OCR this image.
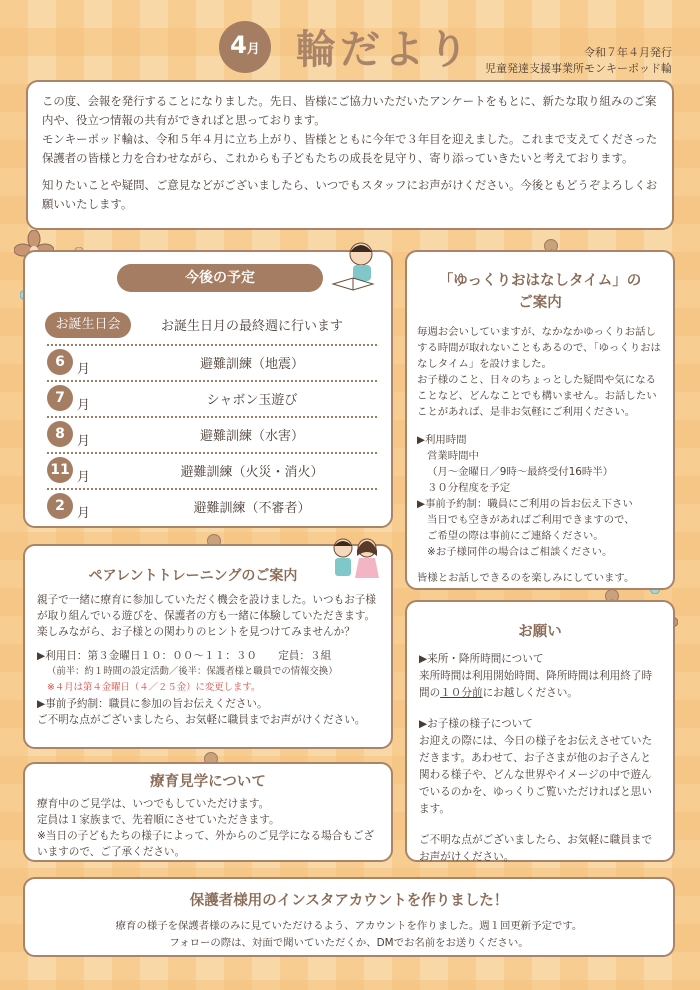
4 月 輪だより	令和７年４月発行
児童発達支援事業所モンキーポッド輪

この度、会報を発行することになりました。先日、皆様にご協力いただいたアンケートをもとに、新たな取り組みのご案内や、役立つ情報の共有ができればと思っております。

モンキーポッド輪は、令和５年４月に立ち上がり、皆様とともに今年で３年目を迎えました。これまで支えてくださった保護者の皆様と力を合わせながら、これからも子どもたちの成長を見守り、寄り添っていきたいと考えております。

知りたいことや疑問、ご意見などがございましたら、いつでもスタッフにお声がけください。今後ともどうぞよろしくお願いいたします。

今後の予定
お誕生日会	お誕生日月の最終週に行います
6 月	避難訓練（地震）
7 月	シャボン玉遊び
8 月	避難訓練（水害）
11 月	避難訓練（火災・消火）
2 月	避難訓練（不審者）
「ゆっくりおはなしタイム」の
ご案内

毎週お会いしていますが、なかなかゆっくりお話しする時間が取れないこともあるので、「ゆっくりおはなしタイム」を設けました。

お子様のこと、日々のちょっとした疑問や気になることなど、どんなことでも構いません。お話したいことがあれば、是非お気軽にご利用ください。

▶利用時間

営業時間中

（月〜金曜日／9時〜最終受付16時半）

３０分程度を予定

▶事前予約制：職員にご利用の旨お伝え下さい

当日でも空きがあればご利用できますので、

ご希望の際は事前にご連絡ください。

※お子様同伴の場合はご相談ください。

皆様とお話しできるのを楽しみにしています。

ペアレントトレーニングのご案内

親子で一緒に療育に参加していただく機会を設けました。いつもお子様が取り組んでいる遊びを、保護者の方も一緒に体験していただきます。楽しみながら、お子様との関わりのヒントを見つけてみませんか？

▶利用日：第３金曜日１０：００〜１１：３０　　定員：３組

（前半：約１時間の設定活動／後半：保護者様と職員での情報交換）

※４月は第４金曜日（４／２５金）に変更します。

▶事前予約制：職員に参加の旨お伝えください。

ご不明な点がございましたら、お気軽に職員までお声がけください。

療育見学について

療育中のご見学は、いつでもしていただけます。

定員は１家族まで、先着順にさせていただきます。

※当日の子どもたちの様子によって、外からのご見学になる場合もございますので、ご了承ください。

お願い

▶来所・降所時間について

来所時間は利用開始時間、降所時間は利用終了時間の１０分前にお越しください。

▶お子様の様子について

お迎えの際には、今日の様子をお伝えさせていただきます。あわせて、お子さまが他のお子さんと関わる様子や、どんな世界やイメージの中で遊んでいるのかを、ゆっくりご覧いただければと思います。

ご不明な点がございましたら、お気軽に職員までお声がけください。

保護者様用のインスタアカウントを作りました！

療育の様子を保護者様のみに見ていただけるよう、アカウントを作りました。週１回更新予定です。

フォローの際は、対面で聞いていただくか、DMでお名前をお送りください。
